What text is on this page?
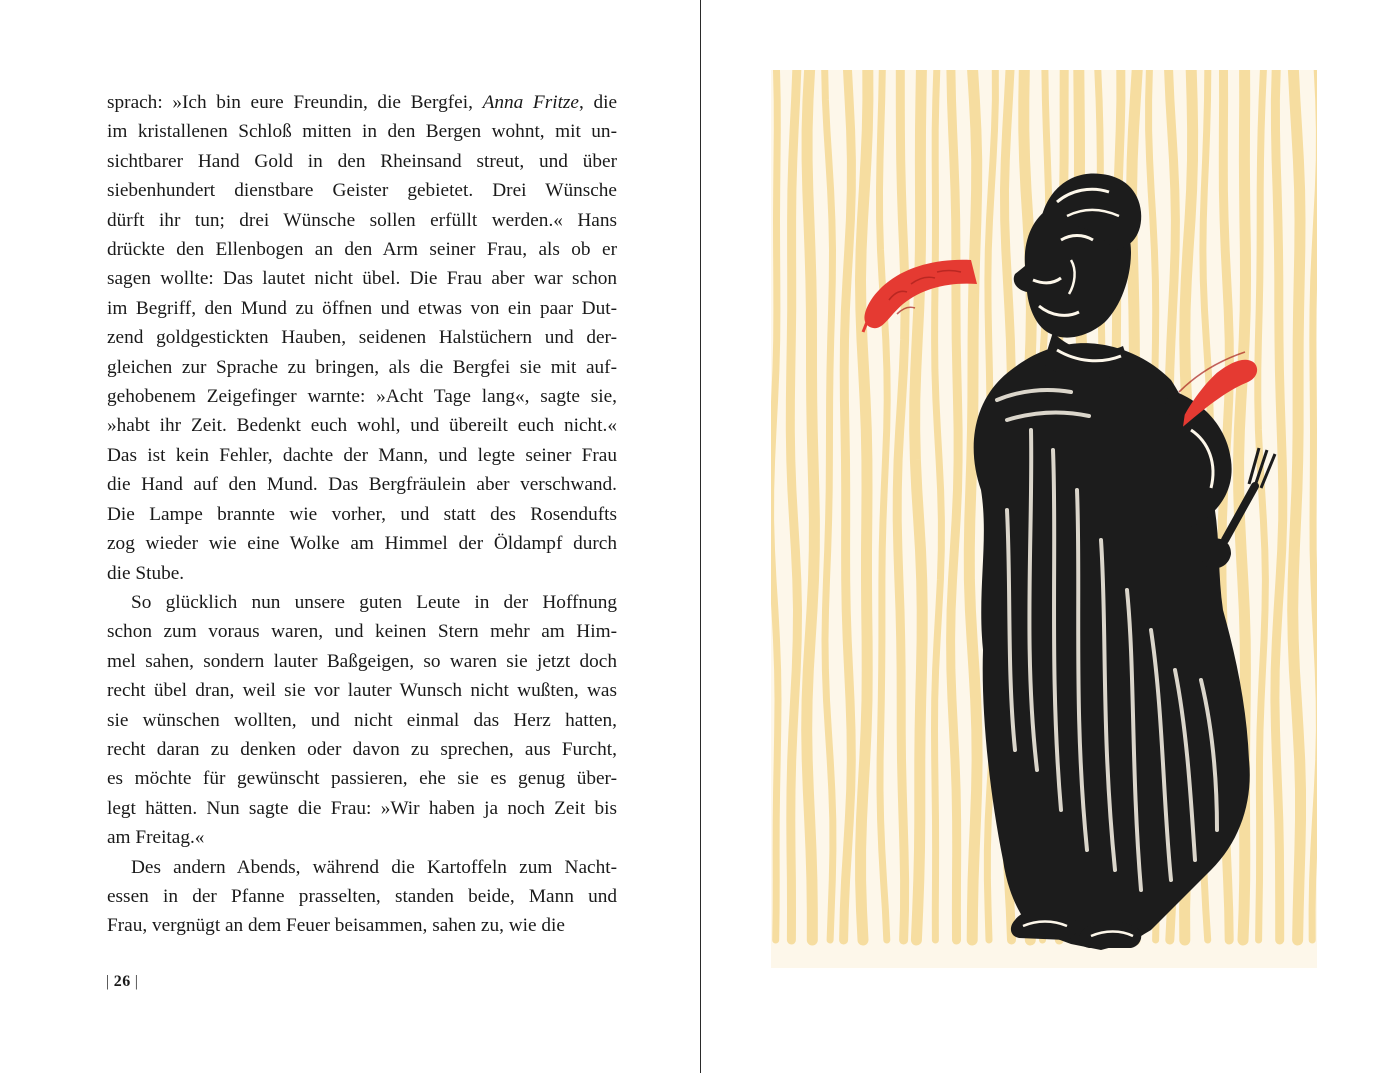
sprach: »Ich bin eure Freundin, die Bergfei, Anna Fritze, die
im kristallenen Schloß mitten in den Bergen wohnt, mit un-
sichtbarer Hand Gold in den Rheinsand streut, und über
siebenhundert dienstbare Geister gebietet. Drei Wünsche
dürft ihr tun; drei Wünsche sollen erfüllt werden.« Hans
drückte den Ellenbogen an den Arm seiner Frau, als ob er
sagen wollte: Das lautet nicht übel. Die Frau aber war schon
im Begriff, den Mund zu öffnen und etwas von ein paar Dut-
zend goldgestickten Hauben, seidenen Halstüchern und der-
gleichen zur Sprache zu bringen, als die Bergfei sie mit auf-
gehobenem Zeigefinger warnte: »Acht Tage lang«, sagte sie,
»habt ihr Zeit. Bedenkt euch wohl, und übereilt euch nicht.«
Das ist kein Fehler, dachte der Mann, und legte seiner Frau
die Hand auf den Mund. Das Bergfräulein aber verschwand.
Die Lampe brannte wie vorher, und statt des Rosendufts
zog wieder wie eine Wolke am Himmel der Öldampf durch
die Stube.

So glücklich nun unsere guten Leute in der Hoffnung
schon zum voraus waren, und keinen Stern mehr am Him-
mel sahen, sondern lauter Baßgeigen, so waren sie jetzt doch
recht übel dran, weil sie vor lauter Wunsch nicht wußten, was
sie wünschen wollten, und nicht einmal das Herz hatten,
recht daran zu denken oder davon zu sprechen, aus Furcht,
es möchte für gewünscht passieren, ehe sie es genug über-
legt hätten. Nun sagte die Frau: »Wir haben ja noch Zeit bis
am Freitag.«

Des andern Abends, während die Kartoffeln zum Nacht-
essen in der Pfanne prasselten, standen beide, Mann und
Frau, vergnügt an dem Feuer beisammen, sahen zu, wie die

| 26 |
